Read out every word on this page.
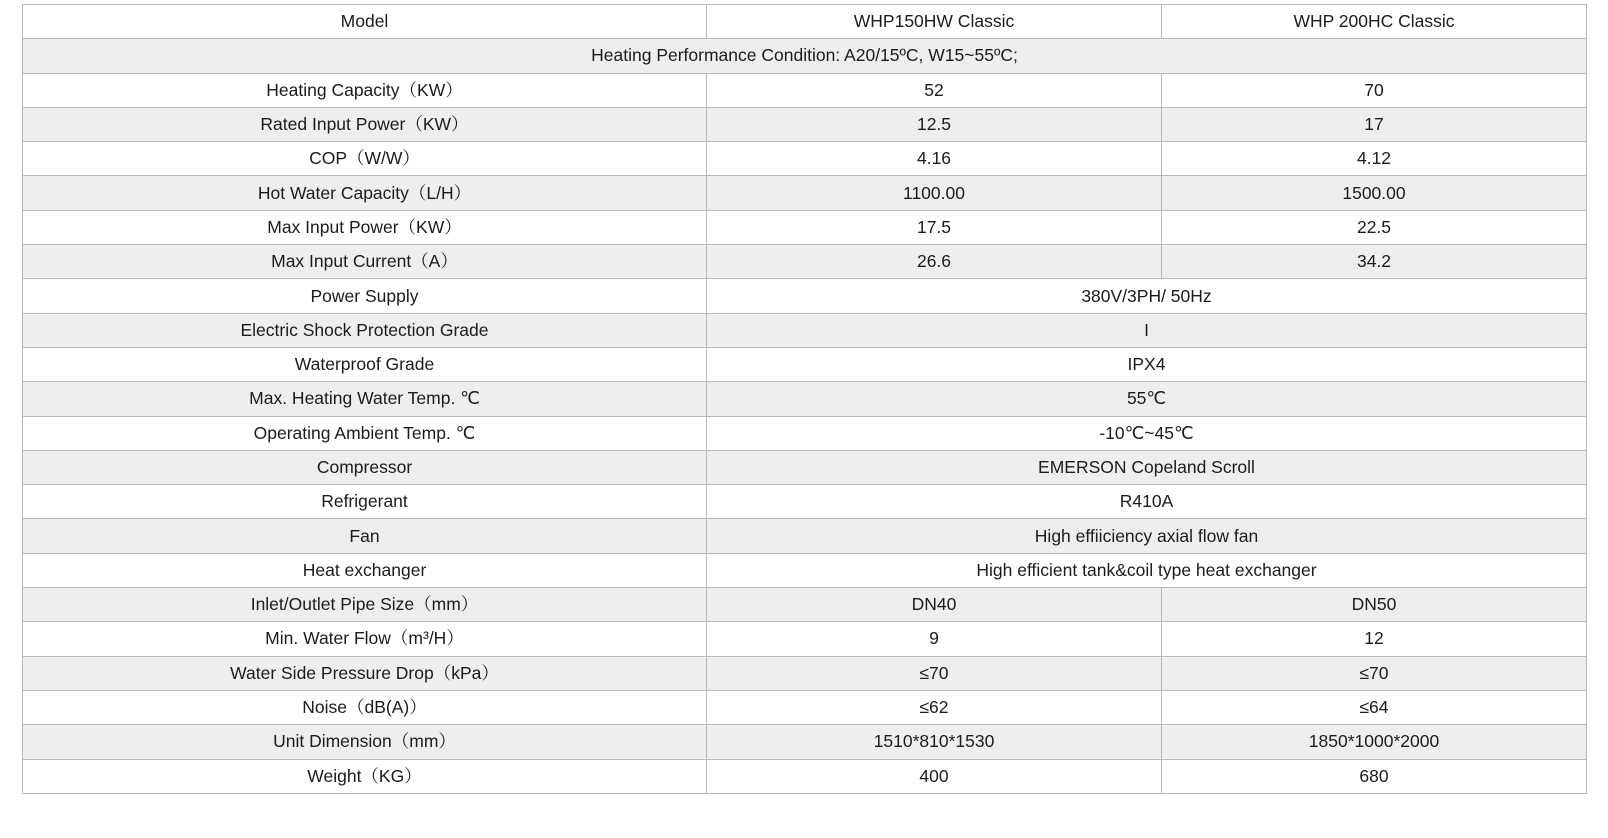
Model	WHP150HW Classic	WHP 200HC Classic
Heating Performance Condition: A20/15ºC, W15~55ºC;		
Heating Capacity（KW）	52	70
Rated Input Power（KW）	12.5	17
COP（W/W）	4.16	4.12
Hot Water Capacity（L/H）	1100.00	1500.00
Max Input Power（KW）	17.5	22.5
Max Input Current（A）	26.6	34.2
Power Supply	380V/3PH/ 50Hz	
Electric Shock Protection Grade	I	
Waterproof Grade	IPX4	
Max. Heating Water Temp. ℃	55℃	
Operating Ambient Temp. ℃	-10℃~45℃	
Compressor	EMERSON Copeland Scroll	
Refrigerant	R410A	
Fan	High effiiciency axial flow fan	
Heat exchanger	High efficient tank&coil type heat exchanger	
Inlet/Outlet Pipe Size（mm）	DN40	DN50
Min. Water Flow（m³/H）	9	12
Water Side Pressure Drop（kPa）	≤70	≤70
Noise（dB(A)）	≤62	≤64
Unit Dimension（mm）	1510*810*1530	1850*1000*2000
Weight（KG）	400	680
